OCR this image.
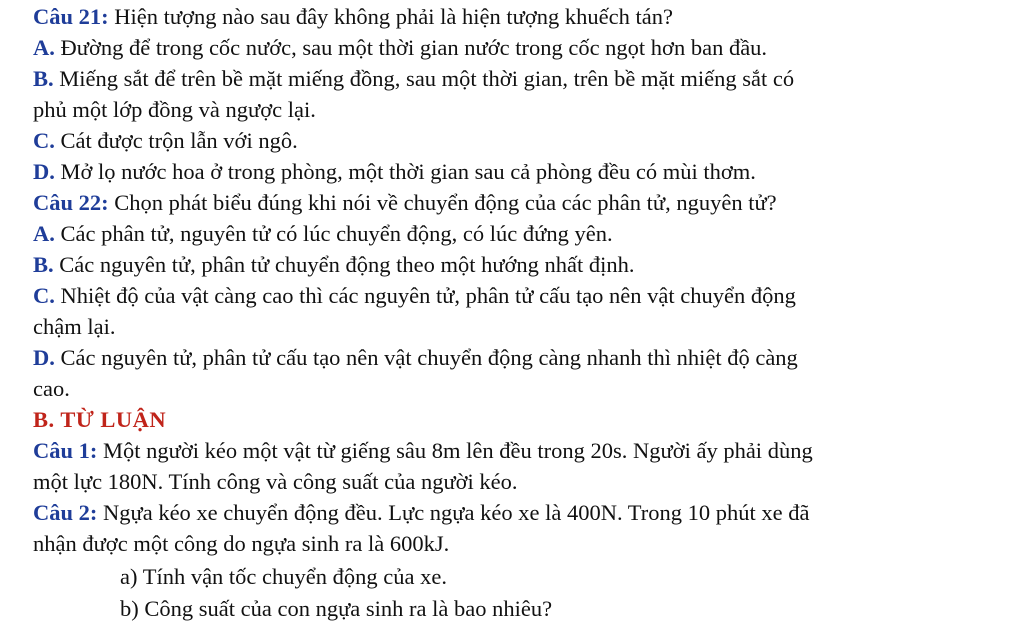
Câu 21: Hiện tượng nào sau đây không phải là hiện tượng khuếch tán?
A. Đường để trong cốc nước, sau một thời gian nước trong cốc ngọt hơn ban đầu.
B. Miếng sắt để trên bề mặt miếng đồng, sau một thời gian, trên bề mặt miếng sắt có
phủ một lớp đồng và ngược lại.
C. Cát được trộn lẫn với ngô.
D. Mở lọ nước hoa ở trong phòng, một thời gian sau cả phòng đều có mùi thơm.
Câu 22: Chọn phát biểu đúng khi nói về chuyển động của các phân tử, nguyên tử?
A. Các phân tử, nguyên tử có lúc chuyển động, có lúc đứng yên.
B. Các nguyên tử, phân tử chuyển động theo một hướng nhất định.
C. Nhiệt độ của vật càng cao thì các nguyên tử, phân tử cấu tạo nên vật chuyển động
chậm lại.
D. Các nguyên tử, phân tử cấu tạo nên vật chuyển động càng nhanh thì nhiệt độ càng
cao.
B. TỪ LUẬN
Câu 1: Một người kéo một vật từ giếng sâu 8m lên đều trong 20s. Người ấy phải dùng
một lực 180N. Tính công và công suất của người kéo.
Câu 2: Ngựa kéo xe chuyển động đều. Lực ngựa kéo xe là 400N. Trong 10 phút xe đã
nhận được một công do ngựa sinh ra là 600kJ.
a) Tính vận tốc chuyển động của xe.
b) Công suất của con ngựa sinh ra là bao nhiêu?
